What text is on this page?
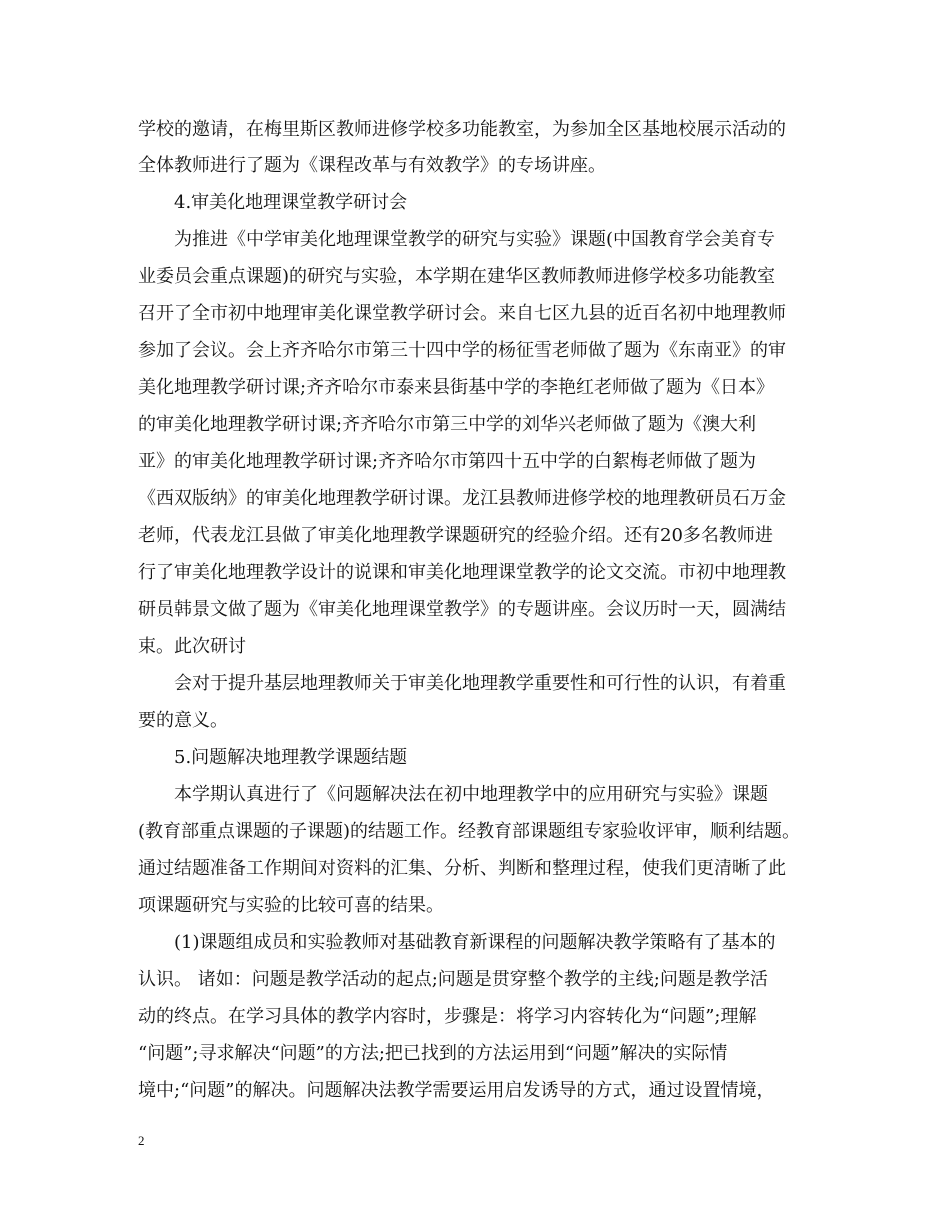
学校的邀请，在梅里斯区教师进修学校多功能教室，为参加全区基地校展示活动的
全体教师进行了题为《课程改革与有效教学》的专场讲座。
4.审美化地理课堂教学研讨会
为推进《中学审美化地理课堂教学的研究与实验》课题(中国教育学会美育专
业委员会重点课题)的研究与实验，本学期在建华区教师教师进修学校多功能教室
召开了全市初中地理审美化课堂教学研讨会。来自七区九县的近百名初中地理教师
参加了会议。会上齐齐哈尔市第三十四中学的杨征雪老师做了题为《东南亚》的审
美化地理教学研讨课;齐齐哈尔市泰来县街基中学的李艳红老师做了题为《日本》
的审美化地理教学研讨课;齐齐哈尔市第三中学的刘华兴老师做了题为《澳大利
亚》的审美化地理教学研讨课;齐齐哈尔市第四十五中学的白絮梅老师做了题为
《西双版纳》的审美化地理教学研讨课。龙江县教师进修学校的地理教研员石万金
老师，代表龙江县做了审美化地理教学课题研究的经验介绍。还有20多名教师进
行了审美化地理教学设计的说课和审美化地理课堂教学的论文交流。市初中地理教
研员韩景文做了题为《审美化地理课堂教学》的专题讲座。会议历时一天，圆满结
束。此次研讨
会对于提升基层地理教师关于审美化地理教学重要性和可行性的认识，有着重
要的意义。
5.问题解决地理教学课题结题
本学期认真进行了《问题解决法在初中地理教学中的应用研究与实验》课题
(教育部重点课题的子课题)的结题工作。经教育部课题组专家验收评审，顺利结题。
通过结题准备工作期间对资料的汇集、分析、判断和整理过程，使我们更清晰了此
项课题研究与实验的比较可喜的结果。
(1)课题组成员和实验教师对基础教育新课程的问题解决教学策略有了基本的
认识。 诸如：问题是教学活动的起点;问题是贯穿整个教学的主线;问题是教学活
动的终点。在学习具体的教学内容时，步骤是：将学习内容转化为“问题”;理解
“问题”;寻求解决“问题”的方法;把已找到的方法运用到“问题”解决的实际情
境中;“问题”的解决。问题解决法教学需要运用启发诱导的方式，通过设置情境，
2
